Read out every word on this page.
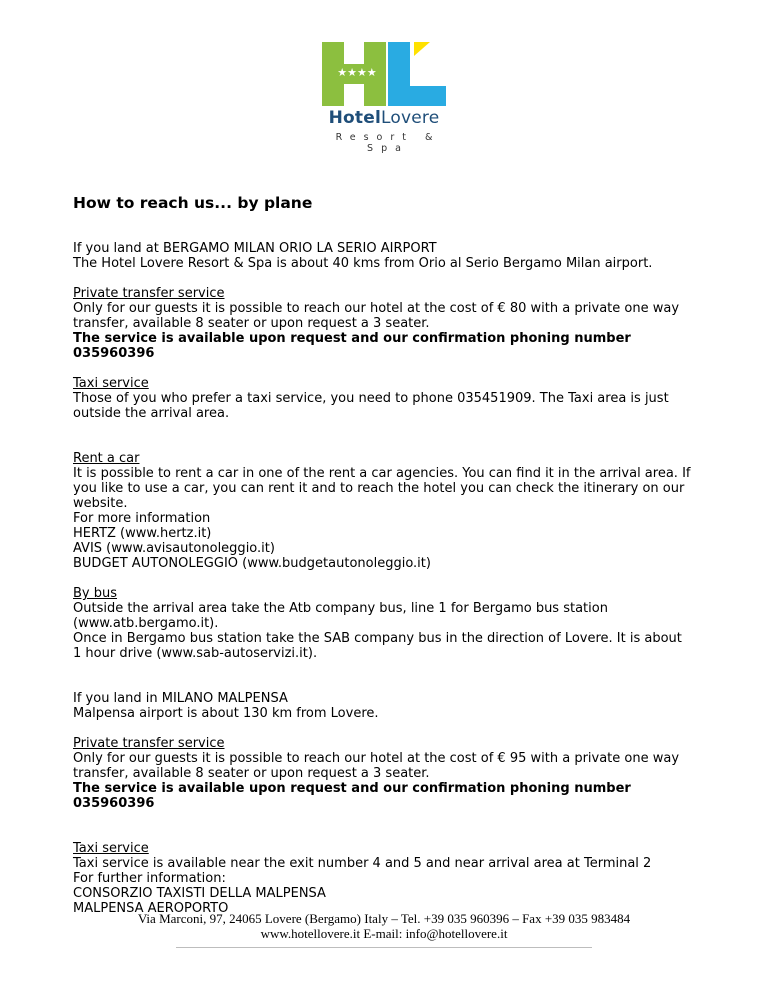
★★★★
HotelLovere
Resort & Spa
How to reach us... by plane

If you land at BERGAMO MILAN ORIO LA SERIO AIRPORT

The Hotel Lovere Resort & Spa is about 40 kms from Orio al Serio Bergamo Milan airport.

Private transfer service

Only for our guests it is possible to reach our hotel at the cost of € 80 with a private one way transfer, available 8 seater or upon request a 3 seater.

The service is available upon request and our confirmation phoning number 035960396

Taxi service

Those of you who prefer a taxi service, you need to phone 035451909. The Taxi area is just outside the arrival area.

Rent a car

It is possible to rent a car in one of the rent a car agencies. You can find it in the arrival area. If you like to use a car, you can rent it and to reach the hotel you can check the itinerary on our website.

For more information

HERTZ (www.hertz.it)

AVIS (www.avisautonoleggio.it)

BUDGET AUTONOLEGGIO (www.budgetautonoleggio.it)

By bus

Outside the arrival area take the Atb company bus, line 1 for Bergamo bus station (www.atb.bergamo.it).

Once in Bergamo bus station take the SAB company bus in the direction of Lovere. It is about 1 hour drive (www.sab-autoservizi.it).

If you land in MILANO MALPENSA

Malpensa airport is about 130 km from Lovere.

Private transfer service

Only for our guests it is possible to reach our hotel at the cost of € 95 with a private one way transfer, available 8 seater or upon request a 3 seater.

The service is available upon request and our confirmation phoning number 035960396

Taxi service

Taxi service is available near the exit number 4 and 5 and near arrival area at Terminal 2

For further information:

CONSORZIO TAXISTI DELLA MALPENSA

MALPENSA AEROPORTO

Via Marconi, 97, 24065 Lovere (Bergamo) Italy – Tel. +39 035 960396 – Fax +39 035 983484
www.hotellovere.it E-mail: info@hotellovere.it
